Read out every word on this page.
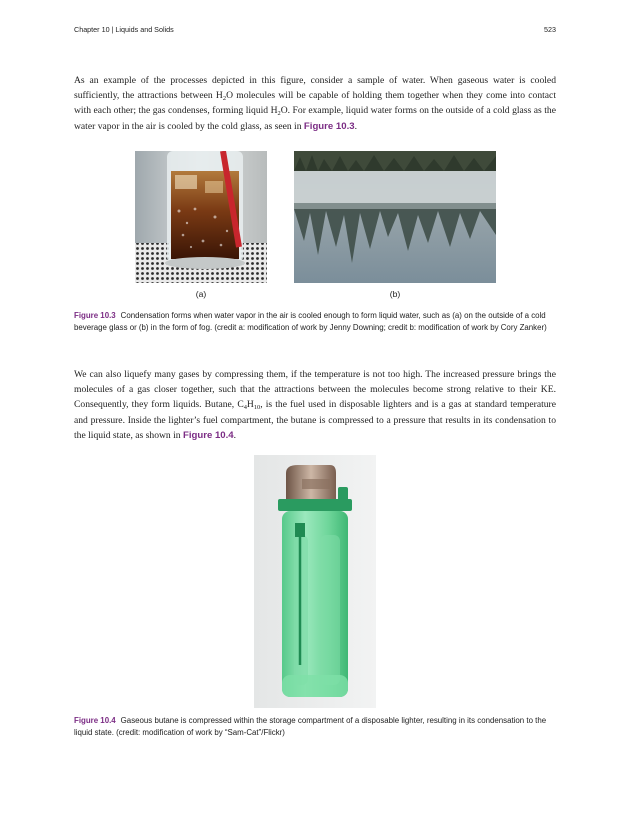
Chapter 10 | Liquids and Solids	523

As an example of the processes depicted in this figure, consider a sample of water. When gaseous water is cooled sufficiently, the attractions between $H_2O$ molecules will be capable of holding them together when they come into contact with each other; the gas condenses, forming liquid $H_2O$. For example, liquid water forms on the outside of a cold glass as the water vapor in the air is cooled by the cold glass, as seen in Figure 10.3.

(a)	(b)

Figure 10.3 Condensation forms when water vapor in the air is cooled enough to form liquid water, such as (a) on the outside of a cold beverage glass or (b) in the form of fog. (credit a: modification of work by Jenny Downing; credit b: modification of work by Cory Zanker)

We can also liquefy many gases by compressing them, if the temperature is not too high. The increased pressure brings the molecules of a gas closer together, such that the attractions between the molecules become strong relative to their KE. Consequently, they form liquids. Butane, $C_4H_{10}$, is the fuel used in disposable lighters and is a gas at standard temperature and pressure. Inside the lighter’s fuel compartment, the butane is compressed to a pressure that results in its condensation to the liquid state, as shown in Figure 10.4.

Figure 10.4 Gaseous butane is compressed within the storage compartment of a disposable lighter, resulting in its condensation to the liquid state. (credit: modification of work by “Sam-Cat”/Flickr)
